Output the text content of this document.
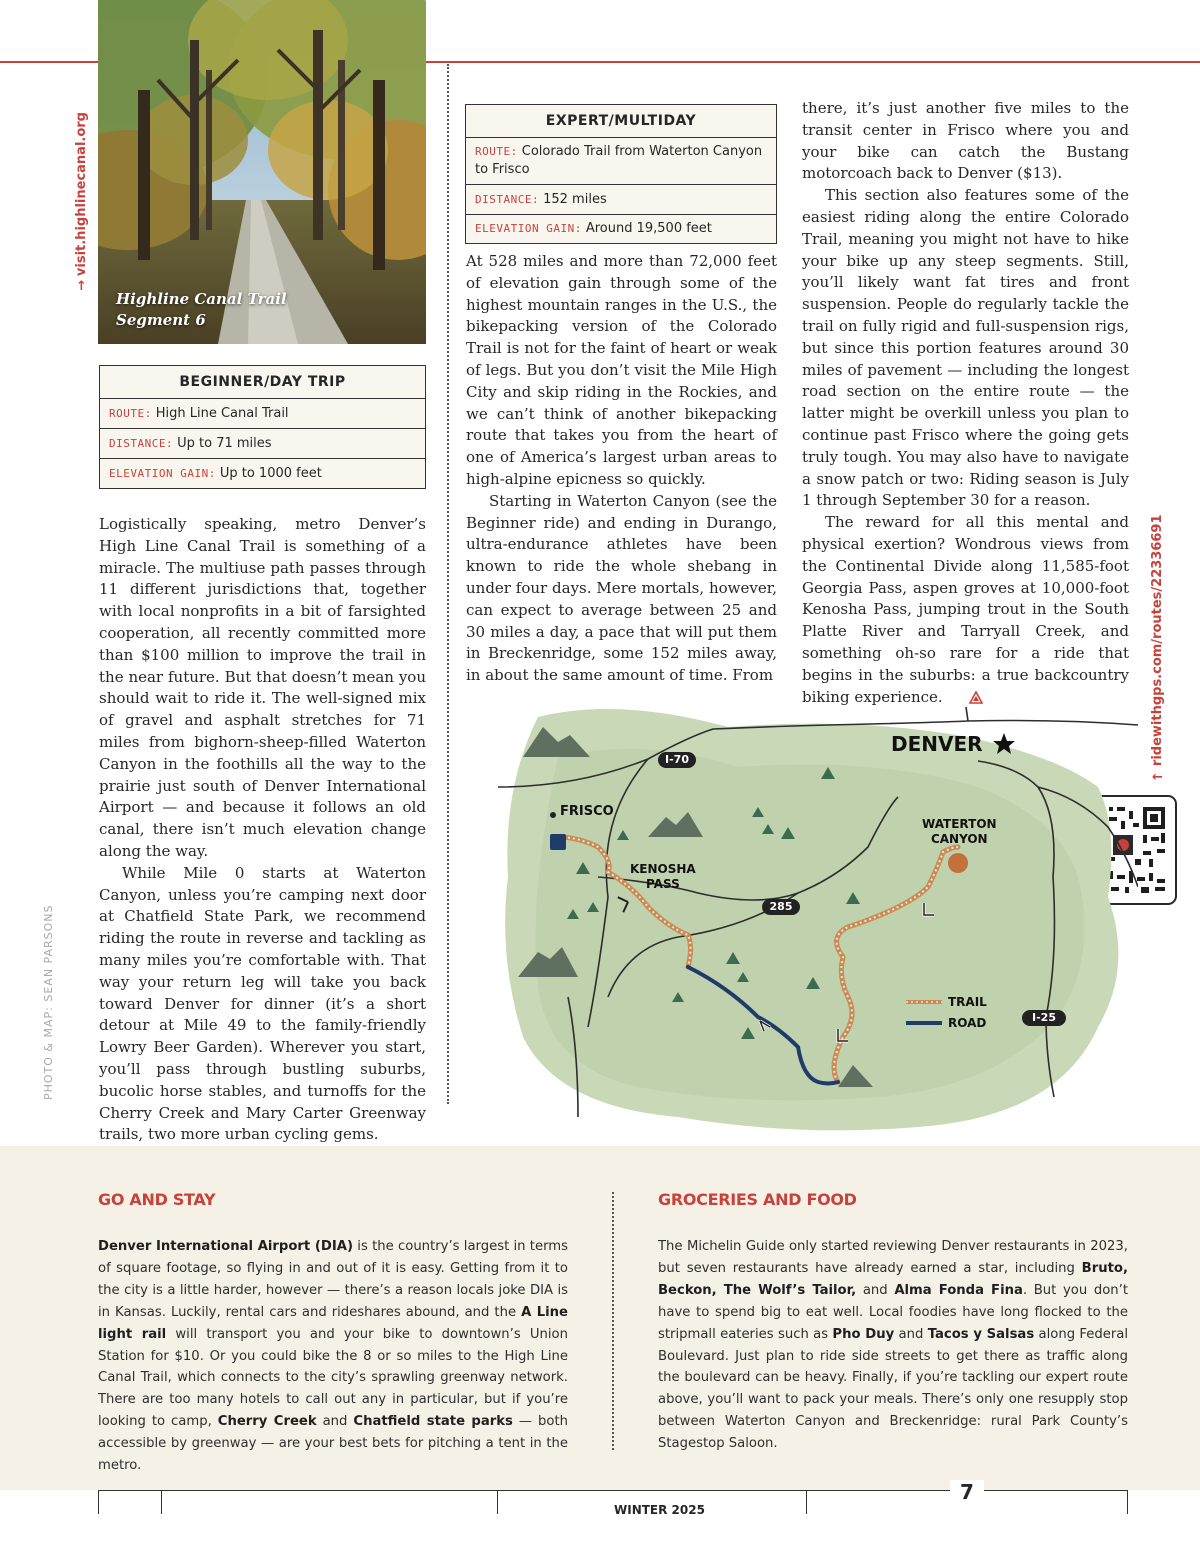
Highline Canal Trail
Segment 6
↑visit.highlinecanal.org
PHOTO & MAP: SEAN PARSONS
BEGINNER/DAY TRIP
ROUTE: High Line Canal Trail
DISTANCE: Up to 71 miles
ELEVATION GAIN: Up to 1000 feet
EXPERT/MULTIDAY
ROUTE: Colorado Trail from Waterton Canyon to Frisco
DISTANCE: 152 miles
ELEVATION GAIN: Around 19,500 feet

Logistically speaking, metro Denver’s High Line Canal Trail is something of a miracle. The multiuse path passes through 11 different jurisdictions that, together with local nonprofits in a bit of farsighted cooperation, all recently committed more than $100 million to improve the trail in the near future. But that doesn’t mean you should wait to ride it. The well-signed mix of gravel and asphalt stretches for 71 miles from bighorn-sheep-filled Waterton Canyon in the foothills all the way to the prairie just south of Denver International Airport — and because it follows an old canal, there isn’t much elevation change along the way.

While Mile 0 starts at Waterton Canyon, unless you’re camping next door at Chatfield State Park, we recommend riding the route in reverse and tackling as many miles you’re comfortable with. That way your return leg will take you back toward Denver for dinner (it’s a short detour at Mile 49 to the family-friendly Lowry Beer Garden). Wherever you start, you’ll pass through bustling suburbs, bucolic horse stables, and turnoffs for the Cherry Creek and Mary Carter Greenway trails, two more urban cycling gems.

At 528 miles and more than 72,000 feet of elevation gain through some of the highest mountain ranges in the U.S., the bikepacking version of the Colorado Trail is not for the faint of heart or weak of legs. But you don’t visit the Mile High City and skip riding in the Rockies, and we can’t think of another bikepacking route that takes you from the heart of one of America’s largest urban areas to high-alpine epicness so quickly.

Starting in Waterton Canyon (see the Beginner ride) and ending in Durango, ultra-endurance athletes have been known to ride the whole shebang in under four days. Mere mortals, however, can expect to average between 25 and 30 miles a day, a pace that will put them in Breckenridge, some 152 miles away, in about the same amount of time. From

there, it’s just another five miles to the transit center in Frisco where you and your bike can catch the Bustang motorcoach back to Denver ($13).

This section also features some of the easiest riding along the entire Colorado Trail, meaning you might not have to hike your bike up any steep segments. Still, you’ll likely want fat tires and front suspension. People do regularly tackle the trail on fully rigid and full-suspension rigs, but since this portion features around 30 miles of pavement — including the longest road section on the entire route — the latter might be overkill unless you plan to continue past Frisco where the going gets truly tough. You may also have to navigate a snow patch or two: Riding season is July 1 through September 30 for a reason.

The reward for all this mental and physical exertion? Wondrous views from the Continental Divide along 11,585-foot Georgia Pass, aspen groves at 10,000-foot Kenosha Pass, jumping trout in the South Platte River and Tarryall Creek, and something oh-so rare for a ride that begins in the suburbs: a true backcountry biking experience.

←ridewithgps.com/routes/22336691
DENVER
FRISCO
KENOSHA
PASS
WATERTON
CANYON
I-70
285
I-25
TRAIL
ROAD
GO AND STAY
Denver International Airport (DIA) is the country’s largest in terms of square footage, so flying in and out of it is easy. Getting from it to the city is a little harder, however — there’s a reason locals joke DIA is in Kansas. Luckily, rental cars and rideshares abound, and the A Line light rail will transport you and your bike to downtown’s Union Station for $10. Or you could bike the 8 or so miles to the High Line Canal Trail, which connects to the city’s sprawling greenway network. There are too many hotels to call out any in particular, but if you’re looking to camp, Cherry Creek and Chatfield state parks — both accessible by greenway — are your best bets for pitching a tent in the metro.
GROCERIES AND FOOD
The Michelin Guide only started reviewing Denver restaurants in 2023, but seven restaurants have already earned a star, including Bruto, Beckon, The Wolf’s Tailor, and Alma Fonda Fina. But you don’t have to spend big to eat well. Local foodies have long flocked to the stripmall eateries such as Pho Duy and Tacos y Salsas along Federal Boulevard. Just plan to ride side streets to get there as traffic along the boulevard can be heavy. Finally, if you’re tackling our expert route above, you’ll want to pack your meals. There’s only one resupply stop between Waterton Canyon and Breckenridge: rural Park County’s Stagestop Saloon.
WINTER 2025
7
